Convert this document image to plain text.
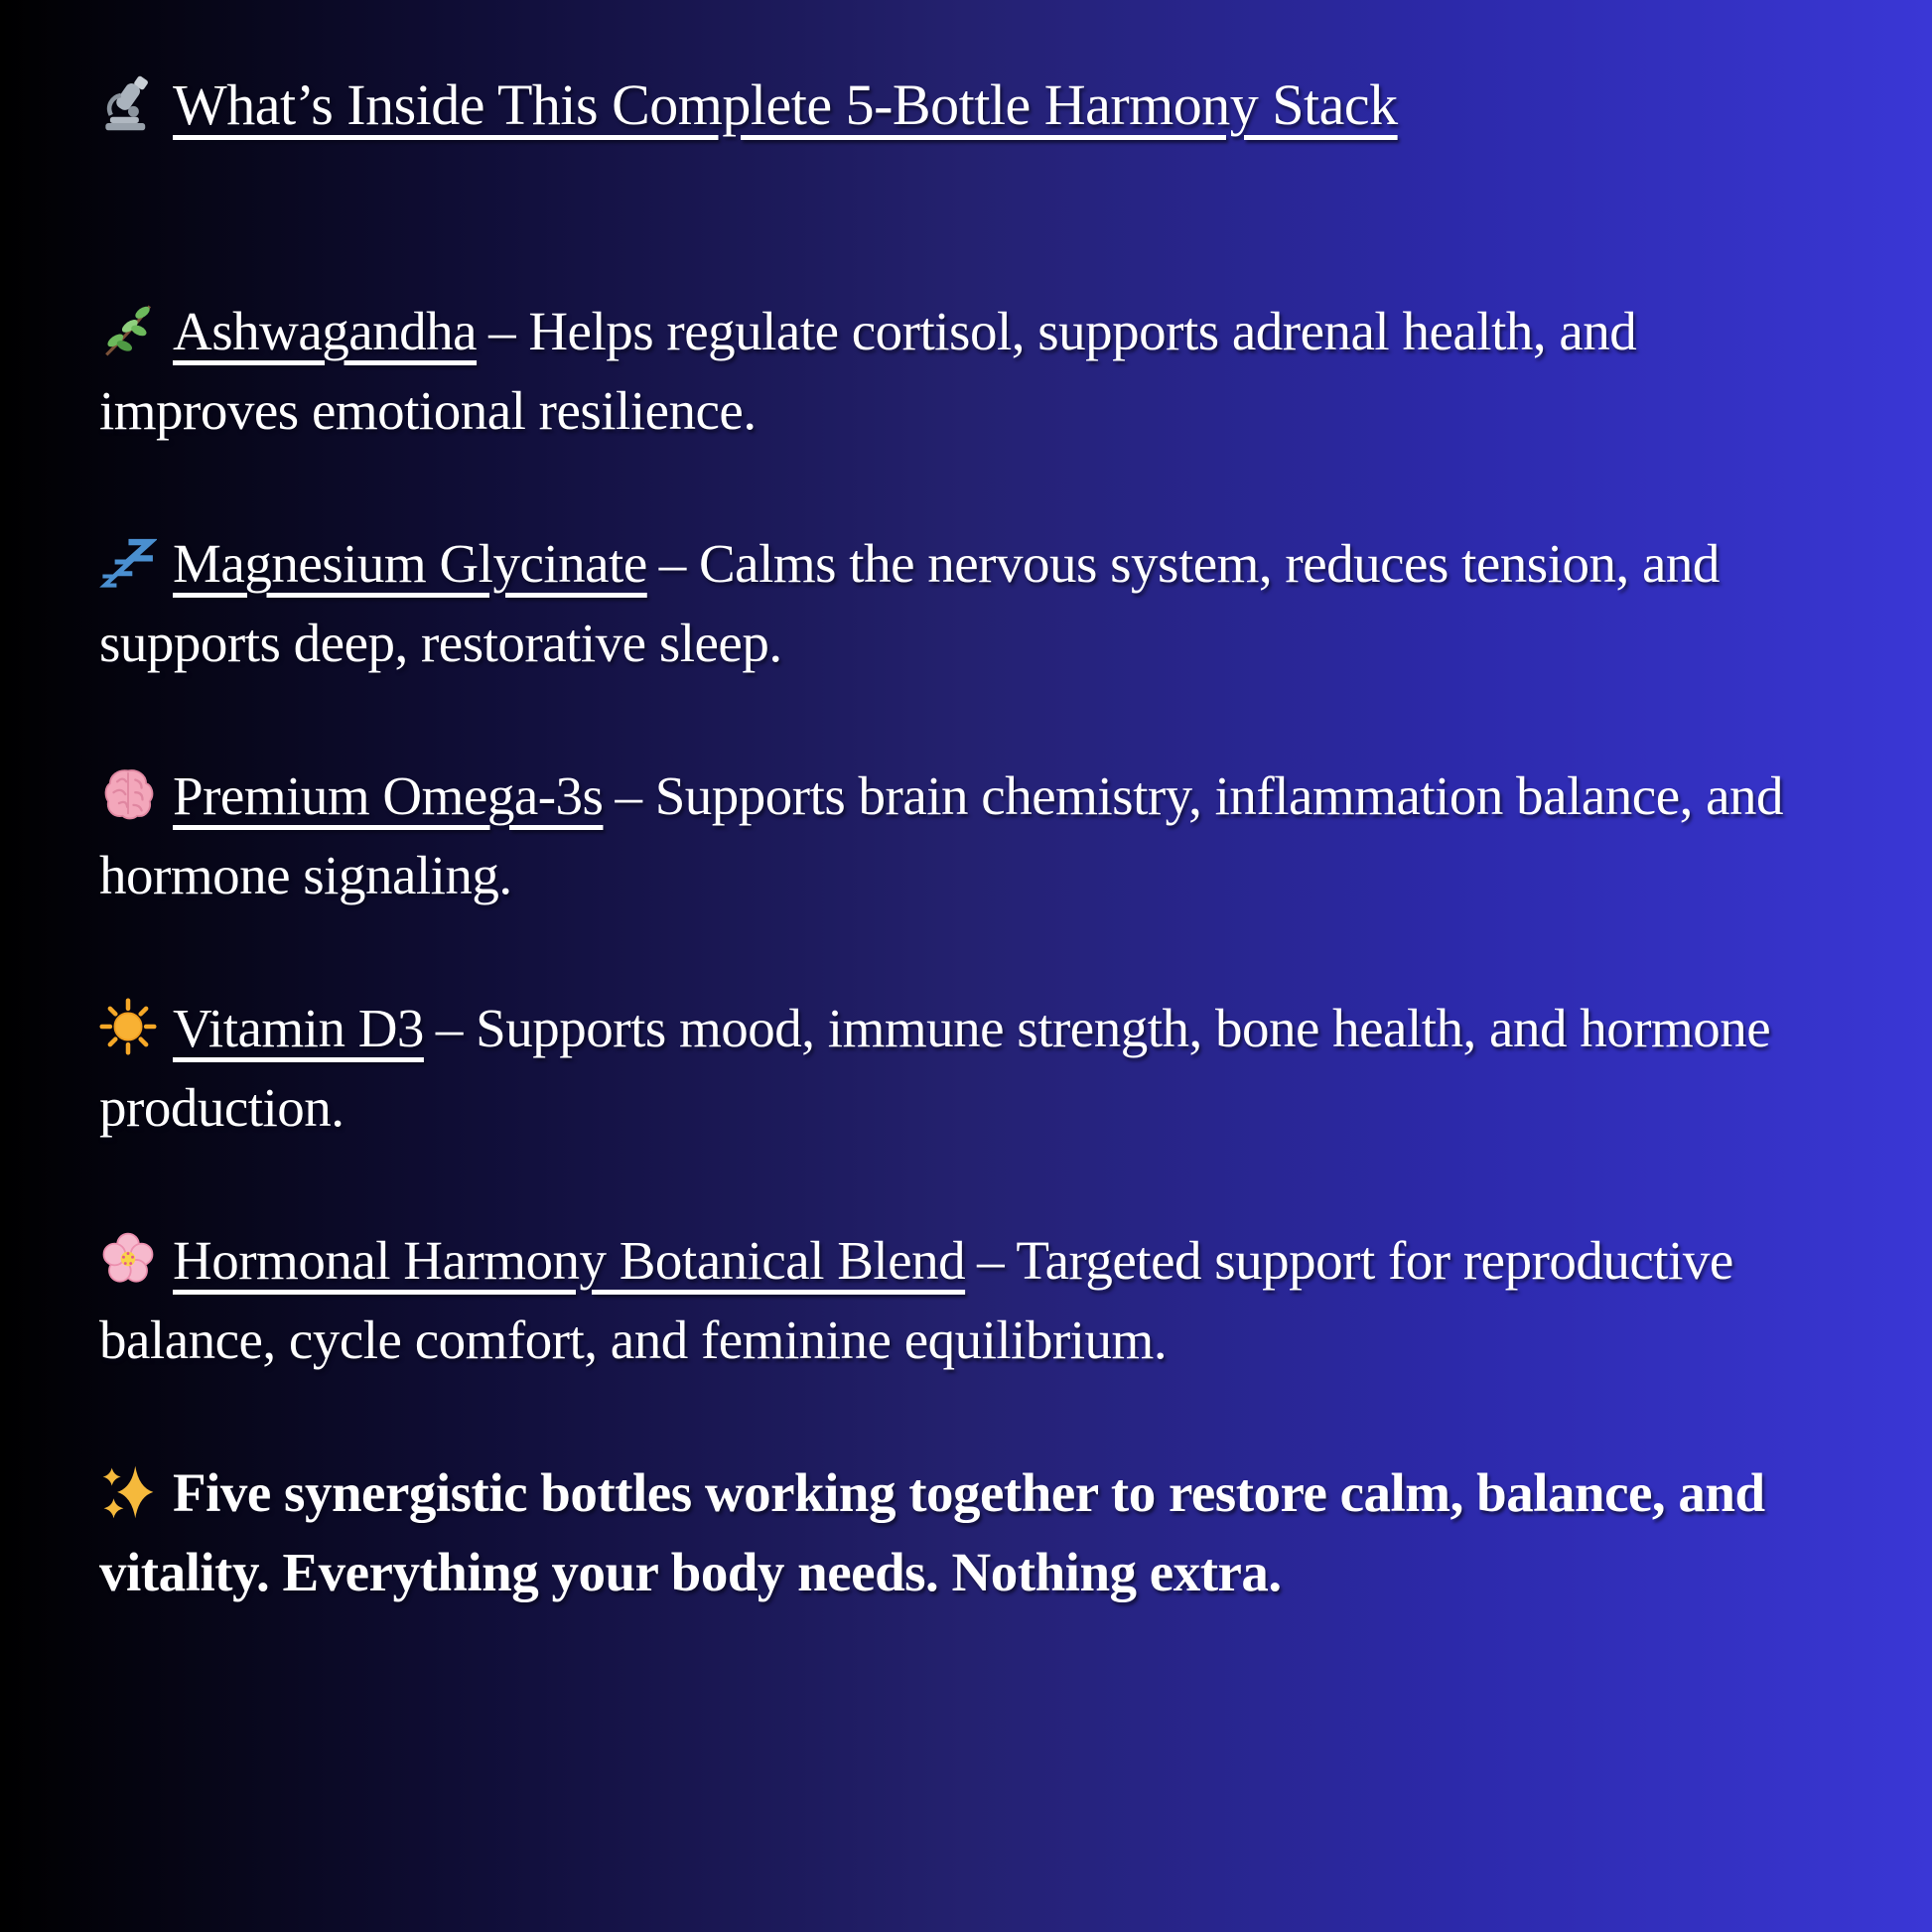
What’s Inside This Complete 5-Bottle Harmony Stack

Ashwagandha – Helps regulate cortisol, supports adrenal health, and improves emotional resilience.

Magnesium Glycinate – Calms the nervous system, reduces tension, and supports deep, restorative sleep.

Premium Omega-3s – Supports brain chemistry, inflammation balance, and hormone signaling.

Vitamin D3 – Supports mood, immune strength, bone health, and hormone production.

Hormonal Harmony Botanical Blend – Targeted support for reproductive balance, cycle comfort, and feminine equilibrium.

Five synergistic bottles working together to restore calm, balance, and vitality. Everything your body needs. Nothing extra.
